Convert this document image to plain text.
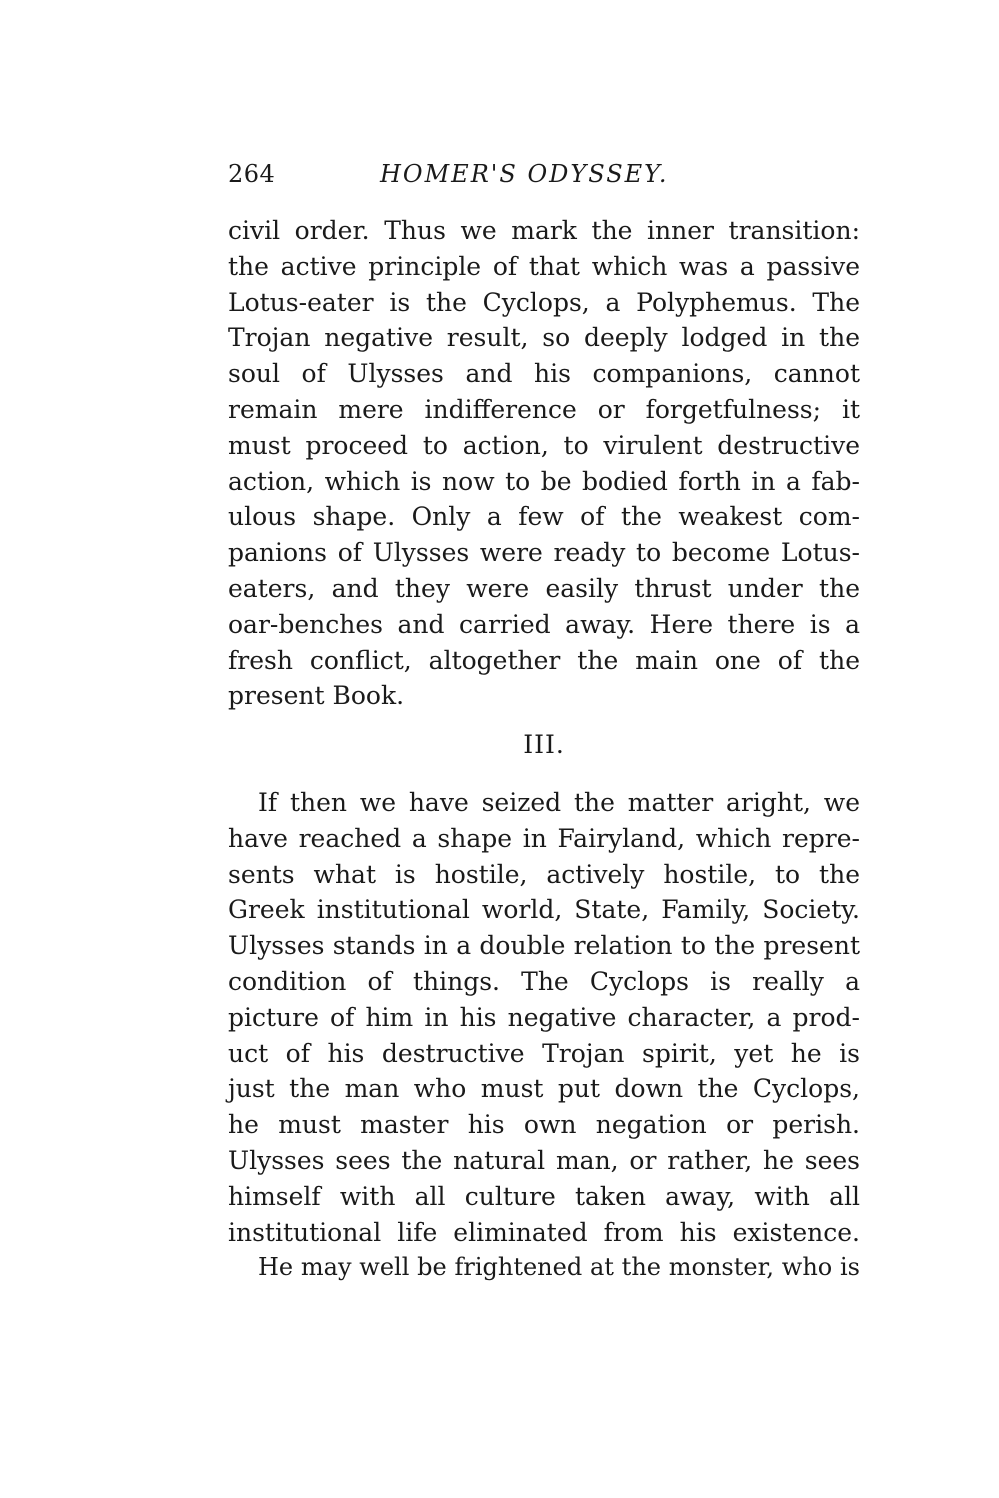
264	HOMER'S ODYSSEY.
civil order. Thus we mark the inner transition:
the active principle of that which was a passive
Lotus-eater is the Cyclops, a Polyphemus. The
Trojan negative result, so deeply lodged in the
soul of Ulysses and his companions, cannot
remain mere indifference or forgetfulness; it
must proceed to action, to virulent destructive
action, which is now to be bodied forth in a fab-
ulous shape. Only a few of the weakest com-
panions of Ulysses were ready to become Lotus-
eaters, and they were easily thrust under the
oar-benches and carried away. Here there is a
fresh conflict, altogether the main one of the
present Book.
III.
If then we have seized the matter aright, we
have reached a shape in Fairyland, which repre-
sents what is hostile, actively hostile, to the
Greek institutional world, State, Family, Society.
Ulysses stands in a double relation to the present
condition of things. The Cyclops is really a
picture of him in his negative character, a prod-
uct of his destructive Trojan spirit, yet he is
just the man who must put down the Cyclops,
he must master his own negation or perish.
Ulysses sees the natural man, or rather, he sees
himself with all culture taken away, with all
institutional life eliminated from his existence.
He may well be frightened at the monster, who is
